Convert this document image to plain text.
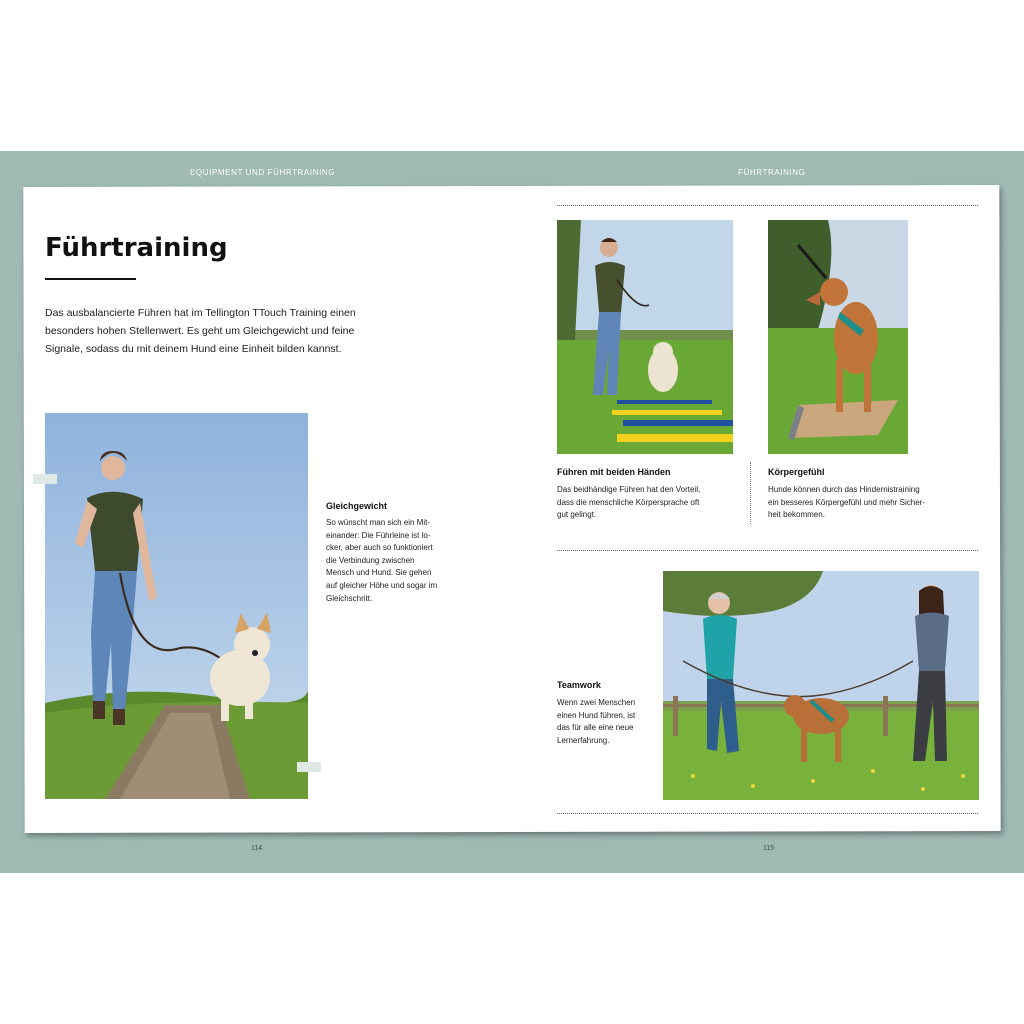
EQUIPMENT UND FÜHRTRAINING	FÜHRTRAINING
Führtraining

Das ausbalancierte Führen hat im Tellington TTouch Training einen besonders hohen Stellenwert. Es geht um Gleichgewicht und feine Signale, sodass du mit deinem Hund eine Einheit bilden kannst.

Gleichgewicht
So wünscht man sich ein Mit-
einander: Die Führleine ist lo-
cker, aber auch so funktioniert
die Verbindung zwischen
Mensch und Hund. Sie gehen
auf gleicher Höhe und sogar im
Gleichschritt.
114	115
Führen mit beiden Händen
Das beidhändige Führen hat den Vorteil,
dass die menschliche Körpersprache oft
gut gelingt.
Körpergefühl
Hunde können durch das Hindernistraining
ein besseres Körpergefühl und mehr Sicher-
heit bekommen.
Teamwork
Wenn zwei Menschen
einen Hund führen, ist
das für alle eine neue
Lernerfahrung.
